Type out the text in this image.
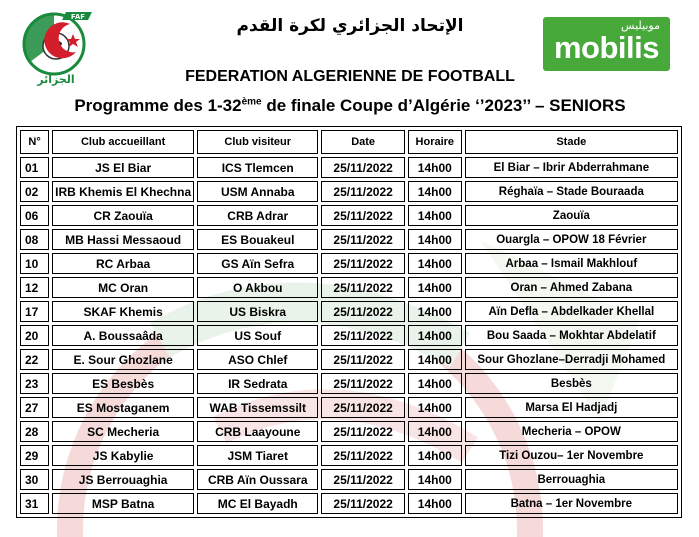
FAF
الجزائر
موبيليس
mobilis
الإتحاد الجزائري لكرة القدم
FEDERATION ALGERIENNE DE FOOTBALL
Programme des 1-32ème de finale Coupe d’Algérie ‘’2023’’ – SENIORS
N°	Club accueillant	Club visiteur	Date	Horaire	Stade
01	JS El Biar	ICS Tlemcen	25/11/2022	14h00	El Biar – Ibrir Abderrahmane
02	IRB Khemis El Khechna	USM Annaba	25/11/2022	14h00	Réghaïa – Stade Bouraada
06	CR Zaouïa	CRB Adrar	25/11/2022	14h00	Zaouïa
08	MB Hassi Messaoud	ES Bouakeul	25/11/2022	14h00	Ouargla – OPOW 18 Février
10	RC Arbaa	GS Aïn Sefra	25/11/2022	14h00	Arbaa – Ismail Makhlouf
12	MC Oran	O Akbou	25/11/2022	14h00	Oran – Ahmed Zabana
17	SKAF Khemis	US Biskra	25/11/2022	14h00	Aïn Defla – Abdelkader Khellal
20	A. Boussaâda	US Souf	25/11/2022	14h00	Bou Saada – Mokhtar Abdelatif
22	E. Sour Ghozlane	ASO Chlef	25/11/2022	14h00	Sour Ghozlane–Derradji Mohamed
23	ES Besbès	IR Sedrata	25/11/2022	14h00	Besbès
27	ES Mostaganem	WAB Tissemssilt	25/11/2022	14h00	Marsa El Hadjadj
28	SC Mecheria	CRB Laayoune	25/11/2022	14h00	Mecheria – OPOW
29	JS Kabylie	JSM Tiaret	25/11/2022	14h00	Tizi Ouzou– 1er Novembre
30	JS Berrouaghia	CRB Aïn Oussara	25/11/2022	14h00	Berrouaghia
31	MSP Batna	MC El Bayadh	25/11/2022	14h00	Batna – 1er Novembre
